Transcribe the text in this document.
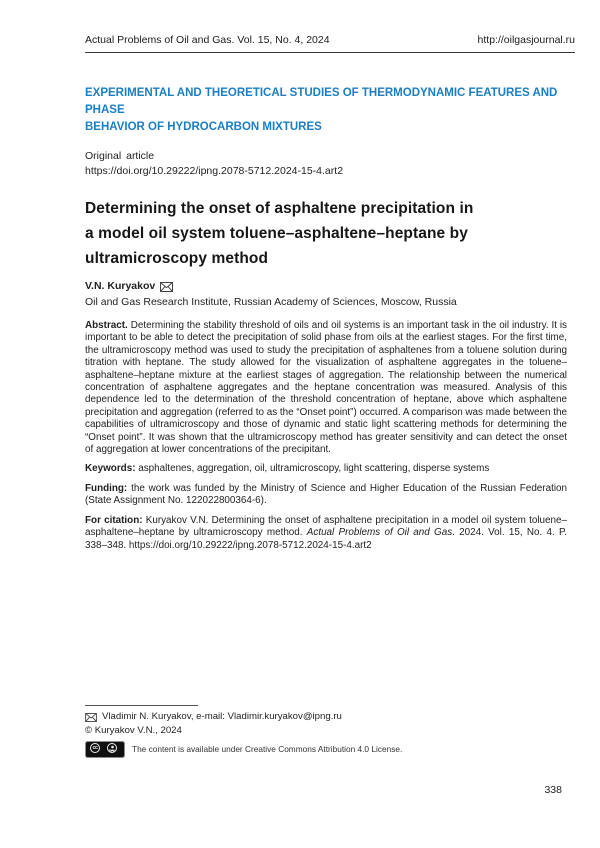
Actual Problems of Oil and Gas. Vol. 15, No. 4, 2024	http://oilgasjournal.ru
EXPERIMENTAL AND THEORETICAL STUDIES OF THERMODYNAMIC FEATURES AND PHASE
BEHAVIOR OF HYDROCARBON MIXTURES
Original article
https://doi.org/10.29222/ipng.2078-5712.2024-15-4.art2
Determining the onset of asphaltene precipitation in
a model oil system toluene–asphaltene–heptane by
ultramicroscopy method
V.N. Kuryakov
Oil and Gas Research Institute, Russian Academy of Sciences, Moscow, Russia

Abstract. Determining the stability threshold of oils and oil systems is an important task in the oil industry. It is important to be able to detect the precipitation of solid phase from oils at the earliest stages. For the first time, the ultramicroscopy method was used to study the precipitation of asphaltenes from a toluene solution during titration with heptane. The study allowed for the visualization of asphaltene aggregates in the toluene–asphaltene–heptane mixture at the earliest stages of aggregation. The relationship between the numerical concentration of asphaltene aggregates and the heptane concentration was measured. Analysis of this dependence led to the determination of the threshold concentration of heptane, above which asphaltene precipitation and aggregation (referred to as the “Onset point”) occurred. A comparison was made between the capabilities of ultramicroscopy and those of dynamic and static light scattering methods for determining the “Onset point”. It was shown that the ultramicroscopy method has greater sensitivity and can detect the onset of aggregation at lower concentrations of the precipitant.

Keywords: asphaltenes, aggregation, oil, ultramicroscopy, light scattering, disperse systems

Funding: the work was funded by the Ministry of Science and Higher Education of the Russian Federation (State Assignment No. 122022800364-6).

For citation: Kuryakov V.N. Determining the onset of asphaltene precipitation in a model oil system toluene–asphaltene–heptane by ultramicroscopy method. Actual Problems of Oil and Gas. 2024. Vol. 15, No. 4. P. 338–348. https://doi.org/10.29222/ipng.2078-5712.2024-15-4.art2

Vladimir N. Kuryakov, e-mail: Vladimir.kuryakov@ipng.ru
© Kuryakov V.N., 2024
cc	BY The content is available under Creative Commons Attribution 4.0 License.
338
